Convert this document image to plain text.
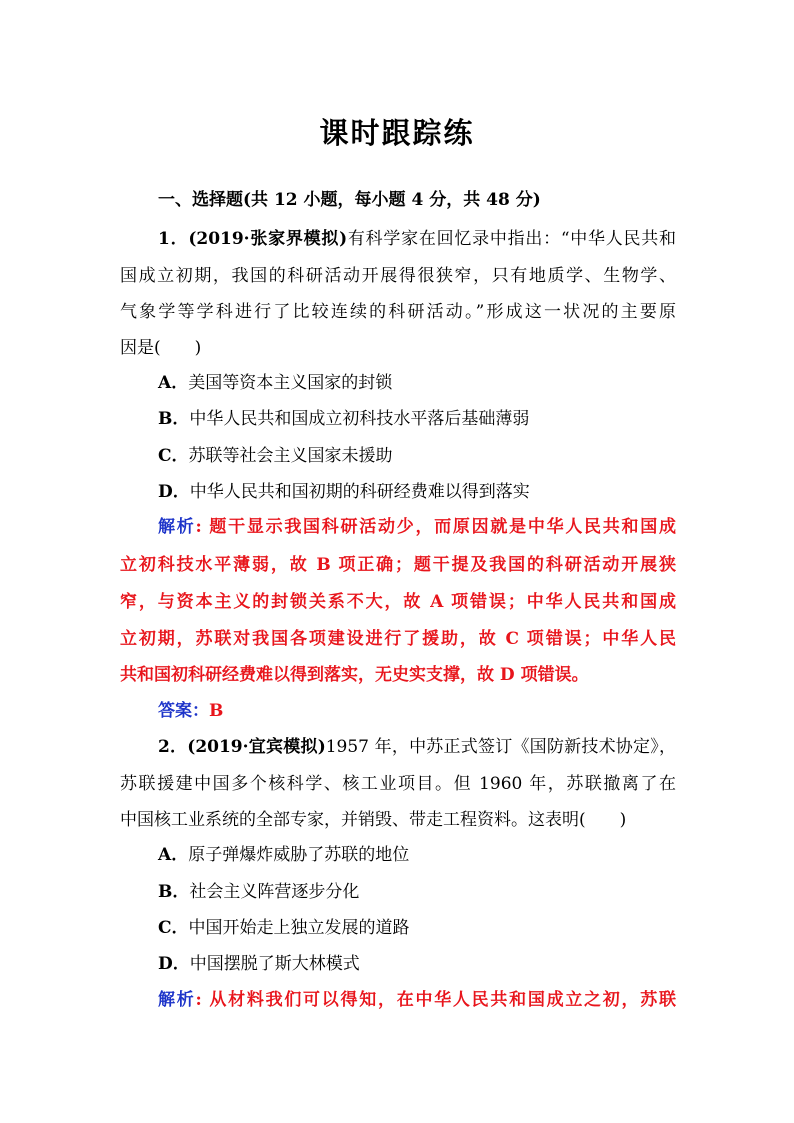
课时跟踪练
一、选择题(共 12 小题，每小题 4 分，共 48 分)
1．(2019·张家界模拟)有科学家在回忆录中指出：“中华人民共和
国成立初期，我国的科研活动开展得很狭窄，只有地质学、生物学、
气象学等学科进行了比较连续的科研活动。”形成这一状况的主要原
因是(　　)
A．美国等资本主义国家的封锁
B．中华人民共和国成立初科技水平落后基础薄弱
C．苏联等社会主义国家未援助
D．中华人民共和国初期的科研经费难以得到落实
解析: 题干显示我国科研活动少，而原因就是中华人民共和国成
立初科技水平薄弱，故 B 项正确；题干提及我国的科研活动开展狭
窄，与资本主义的封锁关系不大，故 A 项错误；中华人民共和国成
立初期，苏联对我国各项建设进行了援助，故 C 项错误；中华人民
共和国初科研经费难以得到落实，无史实支撑，故 D 项错误。
答案：B
2．(2019·宜宾模拟)1957 年，中苏正式签订《国防新技术协定》，
苏联援建中国多个核科学、核工业项目。但 1960 年，苏联撤离了在
中国核工业系统的全部专家，并销毁、带走工程资料。这表明(　　)
A．原子弹爆炸威胁了苏联的地位
B．社会主义阵营逐步分化
C．中国开始走上独立发展的道路
D．中国摆脱了斯大林模式
解析: 从材料我们可以得知，在中华人民共和国成立之初，苏联
